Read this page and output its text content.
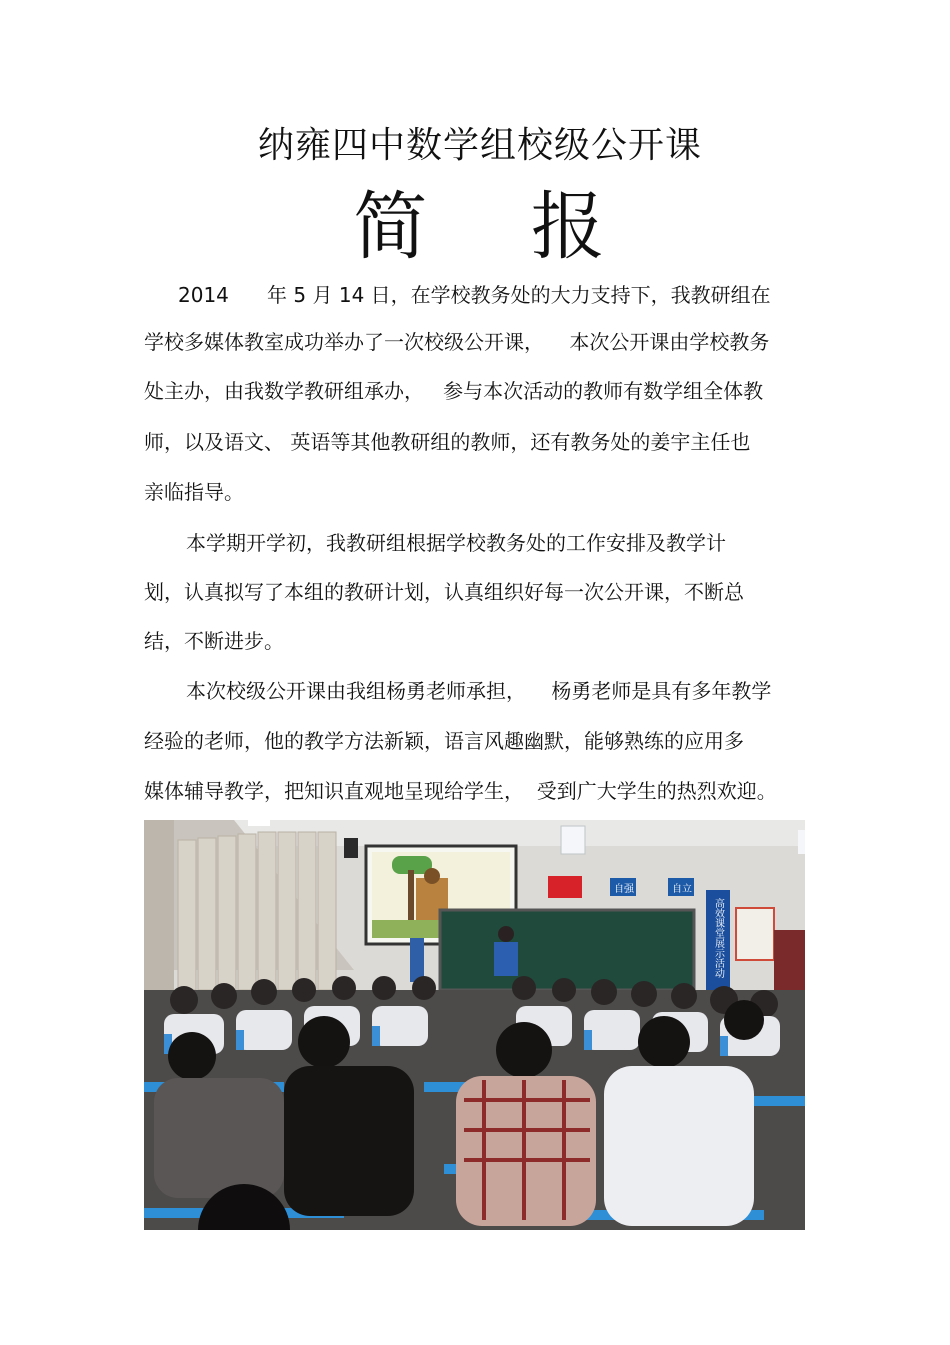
纳雍四中数学组校级公开课
简 报
2014      年 5 月 14 日，在学校教务处的大力支持下，我教研组在
学校多媒体教室成功举办了一次校级公开课，    本次公开课由学校教务
处主办，由我数学教研组承办，   参与本次活动的教师有数学组全体教
师，以及语文、 英语等其他教研组的教师，还有教务处的姜宇主任也
亲临指导。
本学期开学初，我教研组根据学校教务处的工作安排及教学计
划，认真拟写了本组的教研计划，认真组织好每一次公开课，不断总
结，不断进步。
本次校级公开课由我组杨勇老师承担，    杨勇老师是具有多年教学
经验的老师，他的教学方法新颖，语言风趣幽默，能够熟练的应用多
媒体辅导教学，把知识直观地呈现给学生，  受到广大学生的热烈欢迎。
自强	自立
高效课堂展示活动
